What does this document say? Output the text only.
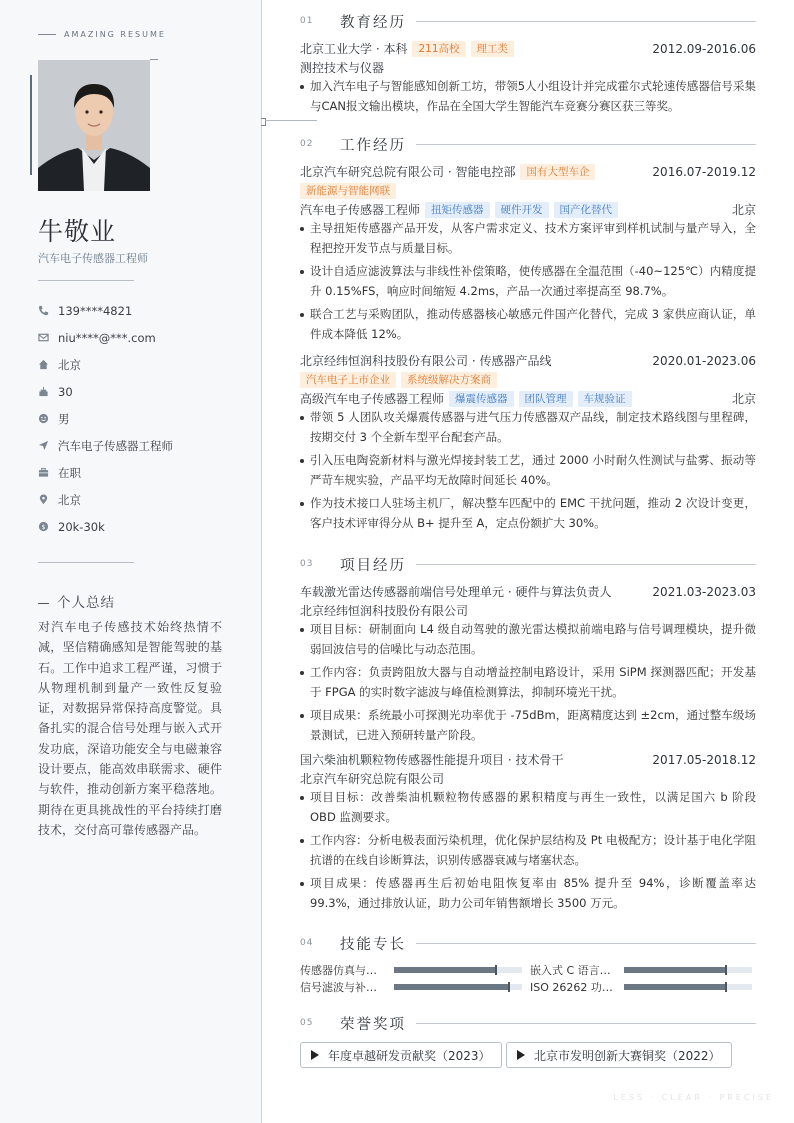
AMAZING RESUME
牛敬业
汽车电子传感器工程师
139****4821
niu****@***.com
北京
30
男
汽车电子传感器工程师
在职
北京
$ 20k-30k
个人总结
对汽车电子传感技术始终热情不减，坚信精确感知是智能驾驶的基石。工作中追求工程严谨，习惯于从物理机制到量产一致性反复验证，对数据异常保持高度警觉。具备扎实的混合信号处理与嵌入式开发功底，深谙功能安全与电磁兼容设计要点，能高效串联需求、硬件与软件，推动创新方案平稳落地。期待在更具挑战性的平台持续打磨技术，交付高可靠传感器产品。
01	教育经历
北京工业大学 · 本科	211高校	理工类	2012.09-2016.06
测控技术与仪器
加入汽车电子与智能感知创新工坊，带领5人小组设计并完成霍尔式轮速传感器信号采集与CAN报文输出模块，作品在全国大学生智能汽车竞赛分赛区获三等奖。
02	工作经历
北京汽车研究总院有限公司 · 智能电控部	国有大型车企	2016.07-2019.12
新能源与智能网联
汽车电子传感器工程师	扭矩传感器	硬件开发	国产化替代	北京
主导扭矩传感器产品开发，从客户需求定义、技术方案评审到样机试制与量产导入，全程把控开发节点与质量目标。
设计自适应滤波算法与非线性补偿策略，使传感器在全温范围（-40~125℃）内精度提升 0.15%FS，响应时间缩短 4.2ms，产品一次通过率提高至 98.7%。
联合工艺与采购团队，推动传感器核心敏感元件国产化替代，完成 3 家供应商认证，单件成本降低 12%。
北京经纬恒润科技股份有限公司 · 传感器产品线	2020.01-2023.06
汽车电子上市企业	系统级解决方案商
高级汽车电子传感器工程师	爆震传感器	团队管理	车规验证	北京
带领 5 人团队攻关爆震传感器与进气压力传感器双产品线，制定技术路线图与里程碑，按期交付 3 个全新车型平台配套产品。
引入压电陶瓷新材料与激光焊接封装工艺，通过 2000 小时耐久性测试与盐雾、振动等严苛车规实验，产品平均无故障时间延长 40%。
作为技术接口人驻场主机厂，解决整车匹配中的 EMC 干扰问题，推动 2 次设计变更，客户技术评审得分从 B+ 提升至 A，定点份额扩大 30%。
03	项目经历
车载激光雷达传感器前端信号处理单元 · 硬件与算法负责人	2021.03-2023.03
北京经纬恒润科技股份有限公司
项目目标：研制面向 L4 级自动驾驶的激光雷达模拟前端电路与信号调理模块，提升微弱回波信号的信噪比与动态范围。
工作内容：负责跨阻放大器与自动增益控制电路设计，采用 SiPM 探测器匹配；开发基于 FPGA 的实时数字滤波与峰值检测算法，抑制环境光干扰。
项目成果：系统最小可探测光功率优于 -75dBm，距离精度达到 ±2cm，通过整车级场景测试，已进入预研转量产阶段。
国六柴油机颗粒物传感器性能提升项目 · 技术骨干	2017.05-2018.12
北京汽车研究总院有限公司
项目目标：改善柴油机颗粒物传感器的累积精度与再生一致性，以满足国六 b 阶段 OBD 监测要求。
工作内容：分析电极表面污染机理，优化保护层结构及 Pt 电极配方；设计基于电化学阻抗谱的在线自诊断算法，识别传感器衰减与堵塞状态。
项目成果：传感器再生后初始电阻恢复率由 85% 提升至 94%，诊断覆盖率达 99.3%，通过排放认证，助力公司年销售额增长 3500 万元。
04	技能专长
传感器仿真与…	嵌入式 C 语言…
信号滤波与补…	ISO 26262 功…
05	荣誉奖项
年度卓越研发贡献奖（2023）	北京市发明创新大赛铜奖（2022）
LESS · CLEAR · PRECISE
